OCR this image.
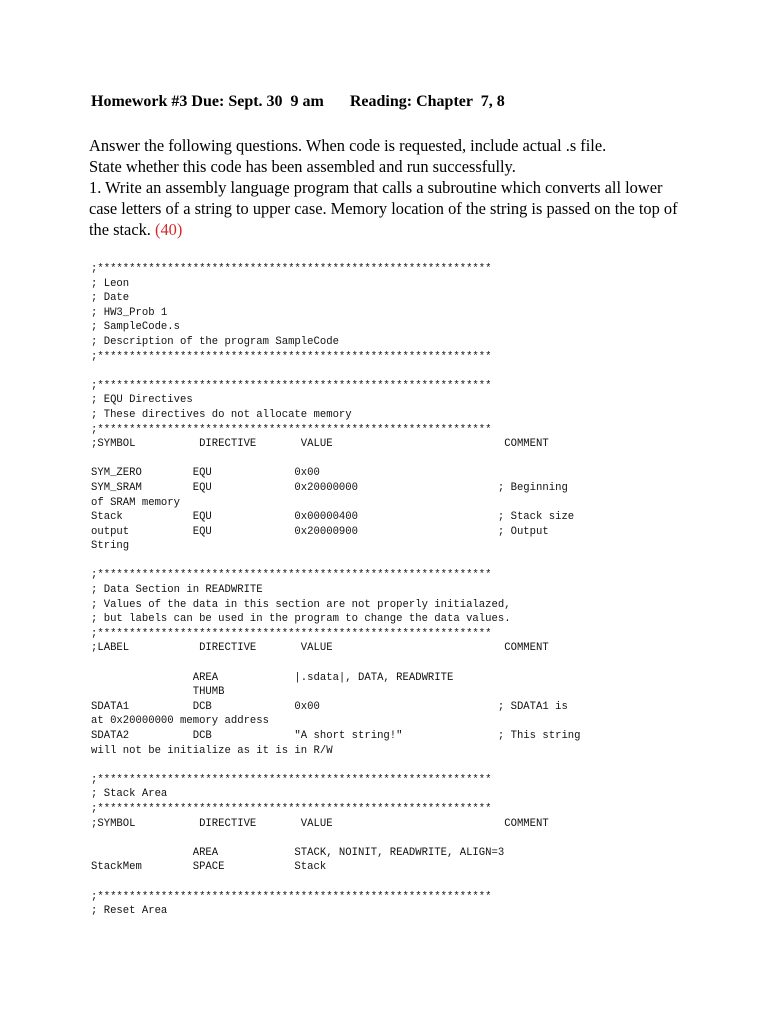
Homework #3 Due: Sept. 30  9 am Reading: Chapter  7, 8

Answer the following questions. When code is requested, include actual .s file.

State whether this code has been assembled and run successfully.

1. Write an assembly language program that calls a subroutine which converts all lower case letters of a string to upper case. Memory location of the string is passed on the top of the stack. (40)

;**************************************************************
; Leon
; Date
; HW3_Prob 1
; SampleCode.s
; Description of the program SampleCode
;**************************************************************
;**************************************************************
; EQU Directives
; These directives do not allocate memory
;**************************************************************
;SYMBOL          DIRECTIVE       VALUE                           COMMENT
SYM_ZERO        EQU             0x00
SYM_SRAM        EQU             0x20000000                      ; Beginning
of SRAM memory
Stack           EQU             0x00000400                      ; Stack size
output          EQU             0x20000900                      ; Output
String
;**************************************************************
; Data Section in READWRITE
; Values of the data in this section are not properly initialazed,
; but labels can be used in the program to change the data values.
;**************************************************************
;LABEL           DIRECTIVE       VALUE                           COMMENT
AREA            |.sdata|, DATA, READWRITE
THUMB
SDATA1          DCB             0x00                            ; SDATA1 is
at 0x20000000 memory address
SDATA2          DCB             "A short string!"               ; This string
will not be initialize as it is in R/W
;**************************************************************
; Stack Area
;**************************************************************
;SYMBOL          DIRECTIVE       VALUE                           COMMENT
AREA            STACK, NOINIT, READWRITE, ALIGN=3
StackMem        SPACE           Stack
;**************************************************************
; Reset Area
